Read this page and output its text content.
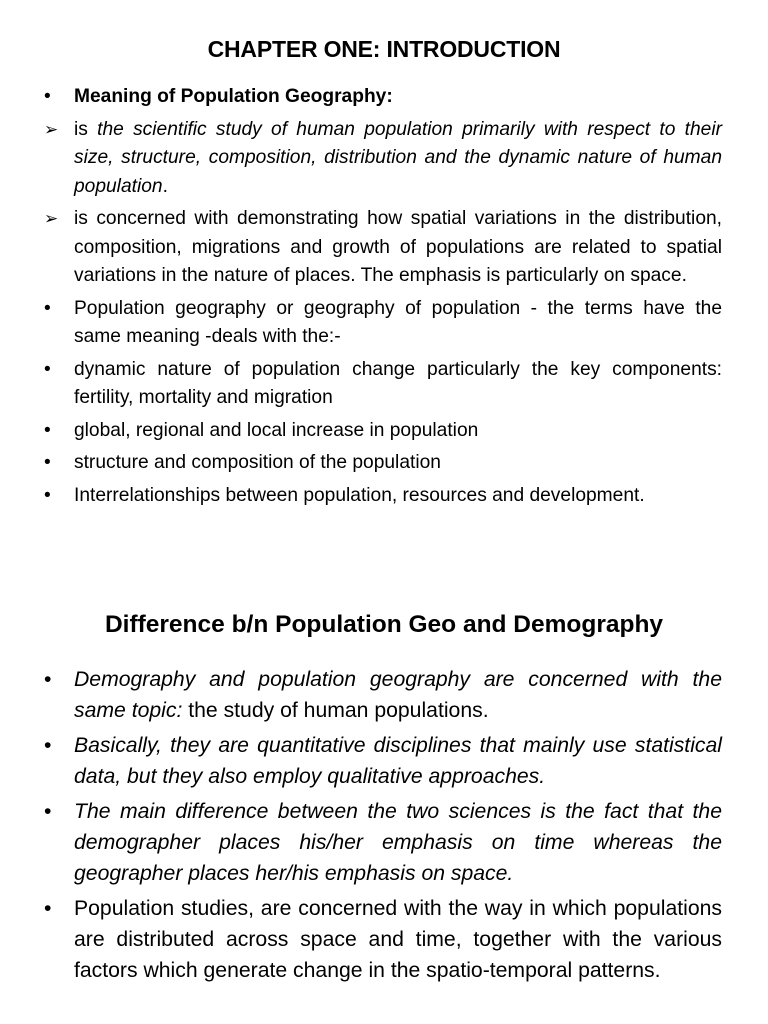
CHAPTER ONE: INTRODUCTION
•
Meaning of Population Geography:
➢
is the scientific study of human population primarily with respect to their size, structure, composition, distribution and the dynamic nature of human population.
➢
is concerned with demonstrating how spatial variations in the distribution, composition, migrations and growth of populations are related to spatial variations in the nature of places. The emphasis is particularly on space.
•
Population geography or geography of population - the terms have the same meaning -deals with the:-
•
dynamic nature of population change particularly the key components: fertility, mortality and migration
•
global, regional and local increase in population
•
structure and composition of the population
•
Interrelationships between population, resources and development.
Difference b/n Population Geo and Demography
•
Demography and population geography are concerned with the same topic: the study of human populations.
•
Basically, they are quantitative disciplines that mainly use statistical data, but they also employ qualitative approaches.
•
The main difference between the two sciences is the fact that the demographer places his/her emphasis on time whereas the geographer places her/his emphasis on space.
•
Population studies, are concerned with the way in which populations are distributed across space and time, together with the various factors which generate change in the spatio-temporal patterns.
